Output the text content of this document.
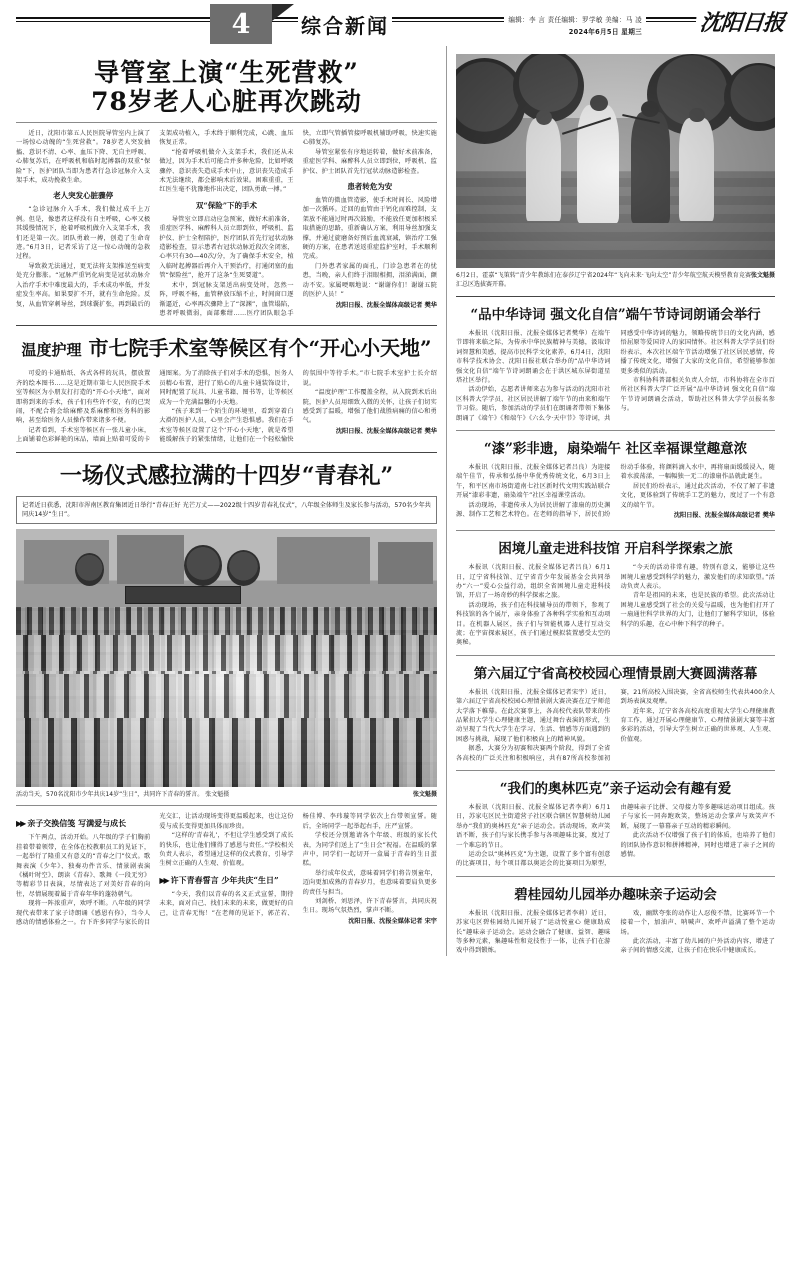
4	综合新闻	编辑：李 言 责任编辑：罗学敏 美编：马 凌
2024年6月5日 星期三	沈阳日报
导管室上演“生死营救”
78岁老人心脏再次跳动

近日，沈阳市第五人民医院导管室内上演了一场惊心动魄的“生死营救”。78岁老人突发抽搐、意识不清、心率、血压下降、无自主呼吸、心肺复苏后，在呼吸机和临时起搏器的双重“保险”下，医护团队当即为患者行急诊冠脉介入支架手术，成功挽救生命。

老人突发心脏骤停

“急诊冠脉介入手术，我们做过成千上万例。但是，像患者这样没有自主呼吸，心率又极其缓慢情况下，抢着呼吸机做介入支架手术，我们还是第一次。团队勇敢一搏，创造了生命奇迹。”6月3日，记者采访了这一惊心动魄的急救过程。

导致救无法通过，更无法将支架推送至病变处充分膨胀。“冠脉严重钙化病变是冠状动脉介入治疗手术中难度最大的，手术成功率低，并发症发生率高。如果要扩不开，就有生命危险。反复，从血管穿刺导丝，到球囊扩张，再到最后的支架成功植入，手术终于顺利完成，心跳、血压恢复正常。

“抢着呼吸机做介入支架手术，我们还从未做过，因为手术后可能合并多种危险，比如呼吸骤停、意识丧失造成手术中止，意识丧失造成手术无法继续，都会影响术后效果。困难重重，王红医生毫不犹豫地作出决定，团队勇敢一搏。”

双“保险”下的手术

导管室立即启动应急预案，做好术前准备，重症医学科、麻醉科人员立即到位，呼吸机、监护仪、护士全程陪护，医疗团队首先行冠状动脉造影检查，显示患者右冠状动脉近段次全闭塞，心率只有30—40次/分，为了确保手术安全，植入临时起搏器后再介入干预治疗，打通闭塞的血管“保险丝”，抢开了这条“生死要道”。

术中，到冠脉支架送出病变处时，忽然一阵，呼吸不畅，血管释放压缩不止，时间窗口逐渐逼近，心率再次骤降上了“深渊”，血管塌陷，患者呼吸微弱，面部紫绀……医疗团队眼急手快，立即气管插管接呼吸机辅助呼吸，快速实施心肺复苏。

导管室紧张有序地运转着，做好术前准备，重症医学科、麻醉科人员立即到位，呼吸机、监护仪、护士团队首先行冠状动脉造影检查。

患者转危为安

血管的微血管造影，使手术时间长、风险增加一次循环。迁回的血管由于钙化而难控制，支架放不能通过时再次鼓励，不能放任更加积极采取措施的思路，重新确认方案，利用导丝加强支撑，并通过旋磨备好预后血流衰减，镇治疗工强硬的方案，在患者送返重症监护室时，手术顺利完成。

门外患者家属的面孔，门诊急患者在的忧患，当晚，亲人们终于泪眼相拥，泪涕满面，颤动不安。家属哽咽地说：“谢谢你们！谢谢五院的医护人员！”

沈阳日报、沈报全媒体高级记者 樊华

温度护理 市七院手术室等候区有个“开心小天地”

可爱的卡通贴纸、各式各样的玩具，摆放置齐的绘本图书……这是近期市第七人民医院手术室等候区为小朋友打打造的“开心小天地”，面对即将到来的手术，孩子们有些许不安，有的已哭闹，不配合将会给麻醉及系麻醉和医务科的影响，甚至给医务人员操作带来诸多不便。

记者看到，手术室等候区有一张儿童小床，上面铺着色彩鲜艳的床品，墙面上贴着可爱的卡通图案。为了消除孩子们对手术的恐惧，医务人员精心布置，进行了贴心的儿童卡通装饰设计，同时配置了玩具、儿童书籍、图书等，让等候区成为一个充满温馨的小天地。

“孩子来到一个陌生的环境里，看到穿着白大褂的医护人员，心里会产生恐惧感。我们在手术室等候区设置了这个‘开心小天地’，就是希望能缓解孩子的紧张情绪，让他们在一个轻松愉快的氛围中等待手术。”市七院手术室护士长介绍说。

“温度护理”工作覆盖全程，从入院到术后出院，医护人员用细致入微的关怀，让孩子们切实感受到了温暖，增强了他们战胜病痛的信心和勇气。

沈阳日报、沈报全媒体高级记者 樊华

一场仪式感拉满的十四岁“青春礼”
记者近日获悉，沈阳市浑南区教育集团近日举行“青春正好 光芒万丈——2022级十四岁青春礼仪式”，八年级全体师生及家长参与活动，570名少年共同庆14岁“生日”。
张文魁摄
活动当天，570名沈阳市少年共庆14岁“生日”，共同许下青春的誓言。 张文魁摄
▶▶ 亲子交换信笺 写满爱与成长

下午两点，活动开始。八年级的学子们胸前挂着带着领带，在全体在校教职员工的见证下，一起举行了隆重又有意义的“青春之门”仪式。歌舞表演《少年》、独奏功件音乐、情景剧表演《橘叶时空》、朗读《青春》、歌舞《一段无穷》等精彩节目表演，尽情表达了对美好青春的向往，尽情展现着属于青春年华的蓬勃朝气。

现将一阵浓重声，欢呼不断。八年级的同学现代表带来了家子诗朗诵《感恩有你》，当今人感动的情感体验之一。台下许多同学与家长的目光交汇，让活动现场变得更温暖起来，也让这份爱与成长变得更加具体而珍贵。

“这样的‘青春礼’，不但让学生感受到了成长的快乐，也让他们懂得了感恩与责任。”学校相关负责人表示，希望通过这样的仪式教育，引导学生树立正确的人生观、价值观。

▶▶ 许下青春誓言 少年共庆“生日”

“今天，我们以青春的名义正式宣誓，期待未来，面对自己、找们未来的未来，做更好的自己，让青春无悔！”在老师的见证下，郭芷若、杨佳博、李玮璇等同学依次上台带领宣誓。随后，全场同学一起举起右手，庄严宣誓。

学校还分别邀请各个年级、班级的家长代表，为同学们送上了“生日会”祝福。在温暖的掌声中，同学们一起切开一盒属于青春的生日蛋糕。

举行成年仪式，意味着同学们将告别童年，迈向更加成熟的青春岁月，也意味着要肩负更多的责任与担当。

刘剑桥、刘思泽，许下青春誓言，共同庆祝生日。现场气氛热烈，掌声不断。

沈阳日报、沈报全媒体记者 宋宇

张文魁摄
6月2日，霍嘉“飞策转”青少年教练们在泰莎辽宁省2024年“飞向未来·飞向太空”青少年航空航天模型教育竞赛汇总区选拔赛开幕。
“品中华诗词 强文化自信”端午节诗词朗诵会举行

本报讯（沈阳日报、沈报全媒体记者樊华）在端午节即将来临之际，为传承中华民族精神与美德，汲取诗词智慧和美感，提高市民科学文化素养，6月4日，沈阳市科学技术协会、沈阳日报社联合举办的“品中华诗词 强文化自信”端午节诗词朗诵会在于洪区城东屏街道星塔社区举行。

活动伊始，志愿者讲师来志为参与活动的沈阳市社区科普大学学员、社区居民讲解了端午节的由来和端午节习俗。随后，参加活动的学员们在朗诵者带领下集体朗诵了《端午》《和端午》《六么令·天中节》等诗词，共同感受中华诗词的魅力，领略传统节日的文化内涵，感悟屈原等爱国诗人的家国情怀。社区科普大学学员们纷纷表示，本次社区端午节活动增强了社区居民感情，传播了传统文化，增强了大家的文化自信，希望能够参加更多类似的活动。

市科协科普部相关负责人介绍，市科协将在全市百所社区科普大学广泛开展“品中华诗词 强文化自信”端午节诗词朗诵会活动，帮助社区科普大学学员报名参与。

“漆”彩非遗，扇染端午 社区幸福课堂趣意浓

本报讯（沈阳日报、沈报全媒体记者吕良）为迎接端午佳节，传承和弘扬中华优秀传统文化，6月3日上午，和平区南市场街道南七社区新时代文明实践站联合开展“漆彩非遗，扇染端午”社区幸福课堂活动。

活动现场，非遗传承人为居民讲解了漆扇的历史渊源、制作工艺和艺术特色。在老师的指导下，居民们纷纷动手体验，将颜料滴入水中，再将扇面缓缓浸入，随着水波荡漾，一幅幅独一无二的漆扇作品就此诞生。

居民们纷纷表示，通过此次活动，不仅了解了非遗文化，更体验到了传统手工艺的魅力，度过了一个有意义的端午节。

沈阳日报、沈报全媒体高级记者 樊华

困境儿童走进科技馆 开启科学探索之旅

本报讯（沈阳日报、沈报全媒体记者吕良）6月1日，辽宁省科技馆、辽宁省青少年发展基金会共同举办“六一”爱心公益行动，组织全省困境儿童走进科技馆，开启了一场奇妙的科学探索之旅。

活动现场，孩子们在科技辅导员的带领下，参观了科技馆的各个展厅，亲身体验了各种科学实验和互动项目。在机器人展区，孩子们与智能机器人进行互动交流；在宇宙探索展区，孩子们通过模拟装置感受太空的奥秘。

“今天的活动非常有趣，特别有意义，能够让这些困境儿童感受到科学的魅力，激发他们的求知欲望。”活动负责人表示。

青年是祖国的未来，也是民族的希望。此次活动让困境儿童感受到了社会的关爱与温暖，也为他们打开了一扇通往科学世界的大门，让他们了解科学知识，体验科学的乐趣，在心中种下科学的种子。

第六届辽宁省高校校园心理情景剧大赛圆满落幕

本报讯（沈阳日报、沈报全媒体记者宋宇）近日，第六届辽宁省高校校园心理情景剧大赛决赛在辽宁师范大学落下帷幕。在此次赛事上，各高校代表队带来的作品紧扣大学生心理健康主题，通过舞台表演的形式，生动呈现了当代大学生在学习、生活、情感等方面遇到的困惑与挑战，展现了他们积极向上的精神风貌。

据悉，大赛分为初赛和决赛两个阶段，得到了全省各高校的广泛关注和积极响应，共有87所高校参加初赛，21所高校入围决赛，全省高校师生代表共400余人到场表演及观摩。

近年来，辽宁省各高校高度重视大学生心理健康教育工作，通过开展心理健康节、心理情景剧大赛等丰富多彩的活动，引导大学生树立正确的世界观、人生观、价值观。

“我们的奥林匹克”亲子运动会有趣有爱

本报讯（沈阳日报、沈报全媒体记者李莉）6月1日，苏家屯区民主街道营子社区联合辖区智慧树幼儿园举办“我们的奥林匹克”亲子运动会。活动现场，欢声笑语不断，孩子们与家长携手参与各项趣味比赛，度过了一个难忘的节日。

运动会以“奥林匹克”为主题，设置了多个富有创意的比赛项目，每个项目都以奥运会的比赛项目为原型，由趣味亲子比拼、父母接力等多趣味运动项目组成。孩子与家长一同奔跑欢笑，整场运动会掌声与欢笑声不断，展现了一幕幕亲子互动的精彩瞬间。

此次活动不仅增强了孩子们的体质，也培养了他们的团队协作意识和拼搏精神，同时也增进了亲子之间的感情。

碧桂园幼儿园举办趣味亲子运动会

本报讯（沈阳日报、沈报全媒体记者李莉）近日，苏家屯区碧桂园幼儿园开展了“运动悦童心 健康助成长”趣味亲子运动会。运动会融合了健康、益智、趣味等多种元素，集趣味性和竞技性于一体，让孩子们在游戏中得到锻炼。

戏，幽默夸张的动作让人忍俊不禁，比赛环节一个接着一个，加油声、呐喊声、欢呼声溢满了整个运动场。

此次活动，丰富了幼儿园的户外活动内容，增进了亲子间的情感交流，让孩子们在快乐中健康成长。
